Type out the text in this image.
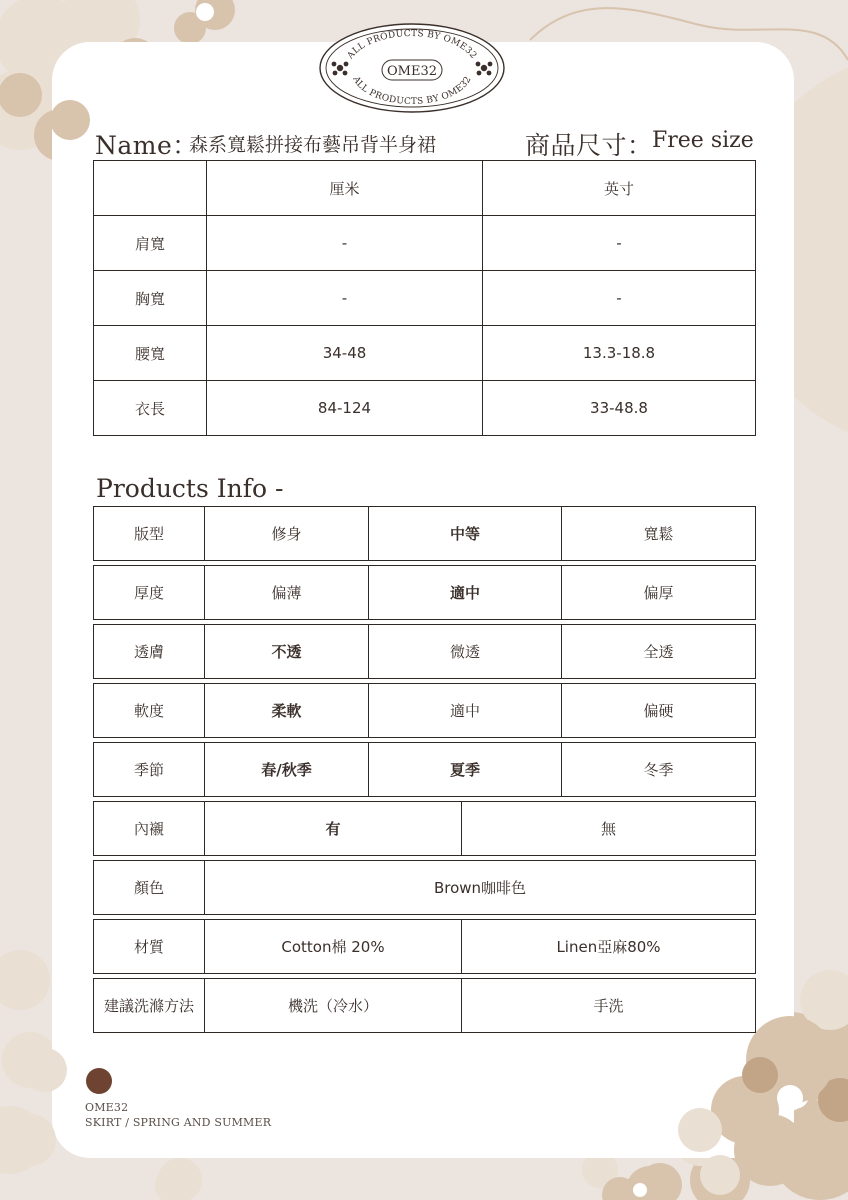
ALL PRODUCTS BY OME32
ALL PRODUCTS BY OME32
OME32
Name：
森系寬鬆拼接布藝吊背半身裙	商品尺寸： Free size
	厘米	英寸
肩寬	-	-
胸寬	-	-
腰寬	34-48	13.3-18.8
衣長	84-124	33-48.8
Products Info -
版型	修身	中等	寬鬆
厚度	偏薄	適中	偏厚
透膚	不透	微透	全透
軟度	柔軟	適中	偏硬
季節	春/秋季	夏季	冬季
內襯	有	無
顏色	Brown咖啡色
材質	Cotton棉 20%	Linen亞麻80%
建議洗滌方法	機洗（冷水）	手洗
OME32
SKIRT / SPRING AND SUMMER
